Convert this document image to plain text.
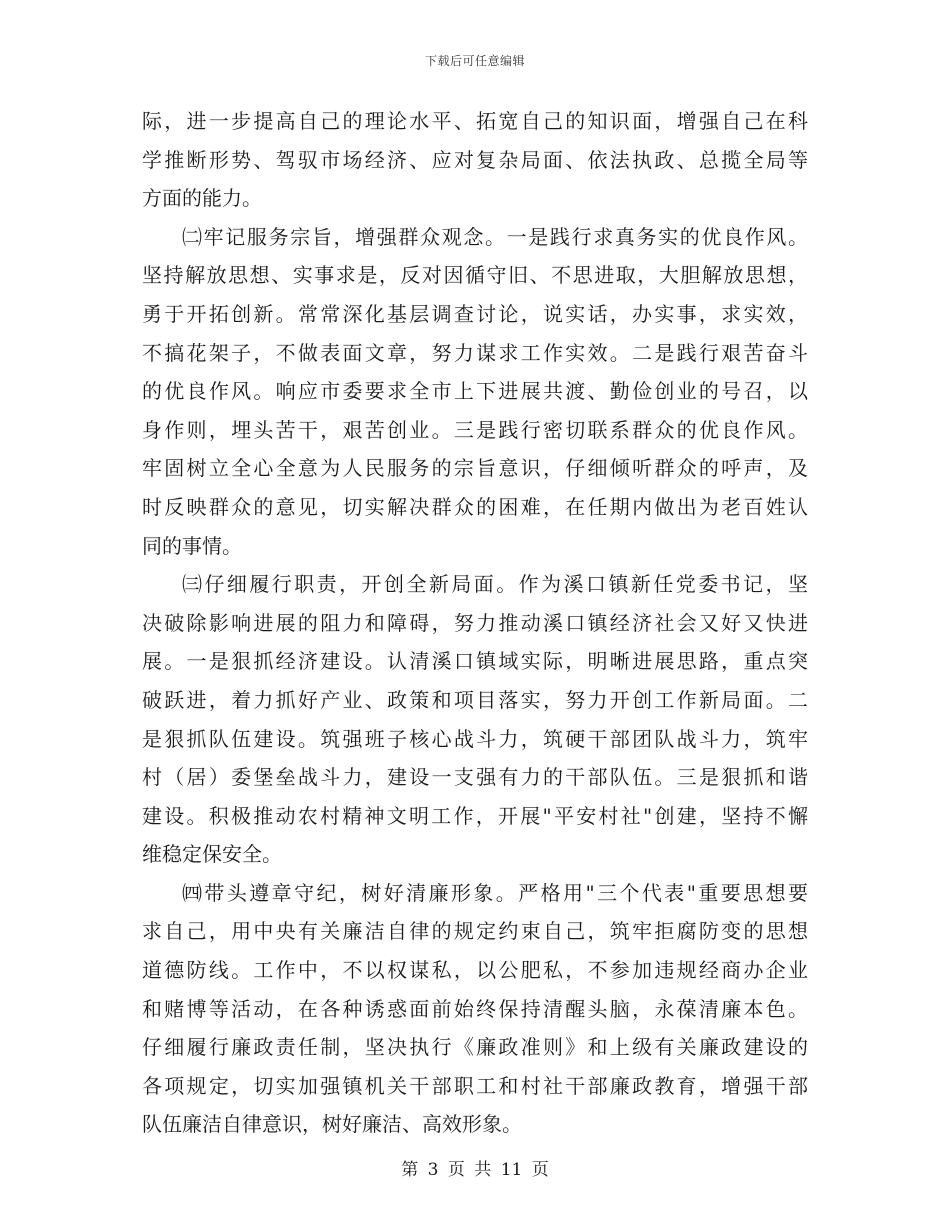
下载后可任意编辑
际，进一步提高自己的理论水平、拓宽自己的知识面，增强自己在科
学推断形势、驾驭市场经济、应对复杂局面、依法执政、总揽全局等
方面的能力。
㈡牢记服务宗旨，增强群众观念。一是践行求真务实的优良作风。
坚持解放思想、实事求是，反对因循守旧、不思进取，大胆解放思想，
勇于开拓创新。常常深化基层调查讨论，说实话，办实事，求实效，
不搞花架子，不做表面文章，努力谋求工作实效。二是践行艰苦奋斗
的优良作风。响应市委要求全市上下进展共渡、勤俭创业的号召，以
身作则，埋头苦干，艰苦创业。三是践行密切联系群众的优良作风。
牢固树立全心全意为人民服务的宗旨意识，仔细倾听群众的呼声，及
时反映群众的意见，切实解决群众的困难，在任期内做出为老百姓认
同的事情。
㈢仔细履行职责，开创全新局面。作为溪口镇新任党委书记，坚
决破除影响进展的阻力和障碍，努力推动溪口镇经济社会又好又快进
展。一是狠抓经济建设。认清溪口镇域实际，明晰进展思路，重点突
破跃进，着力抓好产业、政策和项目落实，努力开创工作新局面。二
是狠抓队伍建设。筑强班子核心战斗力，筑硬干部团队战斗力，筑牢
村（居）委堡垒战斗力，建设一支强有力的干部队伍。三是狠抓和谐
建设。积极推动农村精神文明工作，开展"平安村社"创建，坚持不懈
维稳定保安全。
㈣带头遵章守纪，树好清廉形象。严格用"三个代表"重要思想要
求自己，用中央有关廉洁自律的规定约束自己，筑牢拒腐防变的思想
道德防线。工作中，不以权谋私，以公肥私，不参加违规经商办企业
和赌博等活动，在各种诱惑面前始终保持清醒头脑，永葆清廉本色。
仔细履行廉政责任制，坚决执行《廉政准则》和上级有关廉政建设的
各项规定，切实加强镇机关干部职工和村社干部廉政教育，增强干部
队伍廉洁自律意识，树好廉洁、高效形象。
第 3 页 共 11 页
